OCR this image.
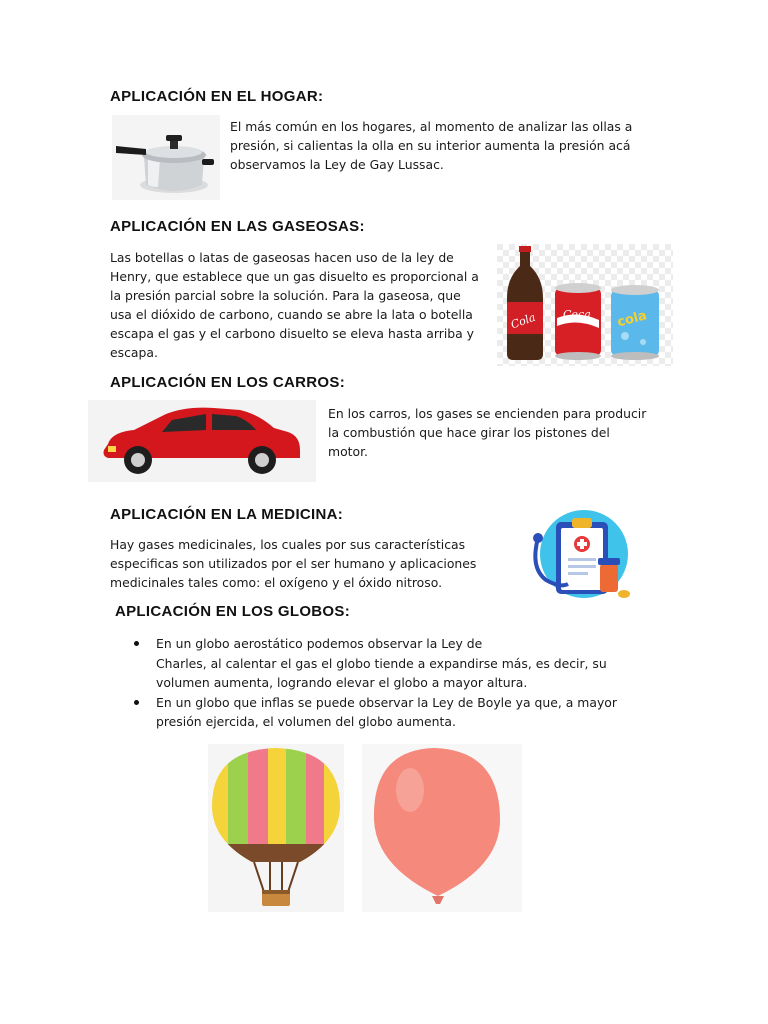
APLICACIÓN EN EL HOGAR:

El más común en los hogares, al momento de analizar las ollas a

presión, si calientas la olla en su interior aumenta la presión acá

observamos la Ley de Gay Lussac.

APLICACIÓN EN LAS GASEOSAS:

Las botellas o latas de gaseosas hacen uso de la ley de

Henry, que establece que un gas disuelto es proporcional a

la presión parcial sobre la solución. Para la gaseosa, que

usa el dióxido de carbono, cuando se abre la lata o botella

escapa el gas y el carbono disuelto se eleva hasta arriba y

escapa.

Cola Coca cola
APLICACIÓN EN LOS CARROS:

En los carros, los gases se encienden para producir

la combustión que hace girar los pistones del

motor.

APLICACIÓN EN LA MEDICINA:

Hay gases medicinales, los cuales por sus características

especificas son utilizados por el ser humano y aplicaciones

medicinales tales como: el oxígeno y el óxido nitroso.

APLICACIÓN EN LOS GLOBOS:
En un globo aerostático podemos observar la Ley de
Charles, al calentar el gas el globo tiende a expandirse más, es decir, su
volumen aumenta, logrando elevar el globo a mayor altura.
En un globo que inflas se puede observar la Ley de Boyle ya que, a mayor
presión ejercida, el volumen del globo aumenta.
